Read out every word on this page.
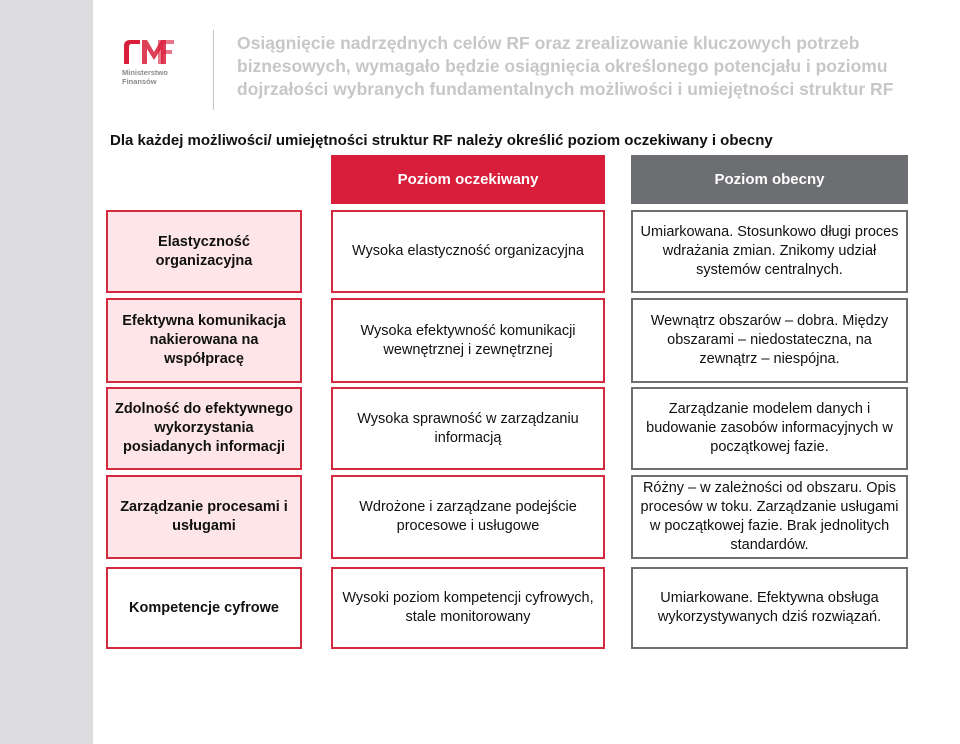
Ministerstwo
Finansów
Osiągnięcie nadrzędnych celów RF oraz zrealizowanie kluczowych potrzeb biznesowych, wymagało będzie osiągnięcia określonego potencjału i poziomu dojrzałości wybranych fundamentalnych możliwości i umiejętności struktur RF
Dla każdej możliwości/ umiejętności struktur RF należy określić poziom oczekiwany i obecny
Poziom oczekiwany	Poziom obecny
Elastyczność organizacyjna
Wysoka elastyczność organizacyjna
Umiarkowana. Stosunkowo długi proces wdrażania zmian. Znikomy udział systemów centralnych.
Efektywna komunikacja nakierowana na współpracę
Wysoka efektywność komunikacji wewnętrznej i zewnętrznej
Wewnątrz obszarów – dobra. Między obszarami – niedostateczna, na zewnątrz – niespójna.
Zdolność do efektywnego wykorzystania posiadanych informacji
Wysoka sprawność w zarządzaniu informacją
Zarządzanie modelem danych i budowanie zasobów informacyjnych w początkowej fazie.
Zarządzanie procesami i usługami
Wdrożone i zarządzane podejście procesowe i usługowe
Różny – w zależności od obszaru. Opis procesów w toku. Zarządzanie usługami w początkowej fazie. Brak jednolitych standardów.
Kompetencje cyfrowe
Wysoki poziom kompetencji cyfrowych, stale monitorowany
Umiarkowane. Efektywna obsługa wykorzystywanych dziś rozwiązań.
